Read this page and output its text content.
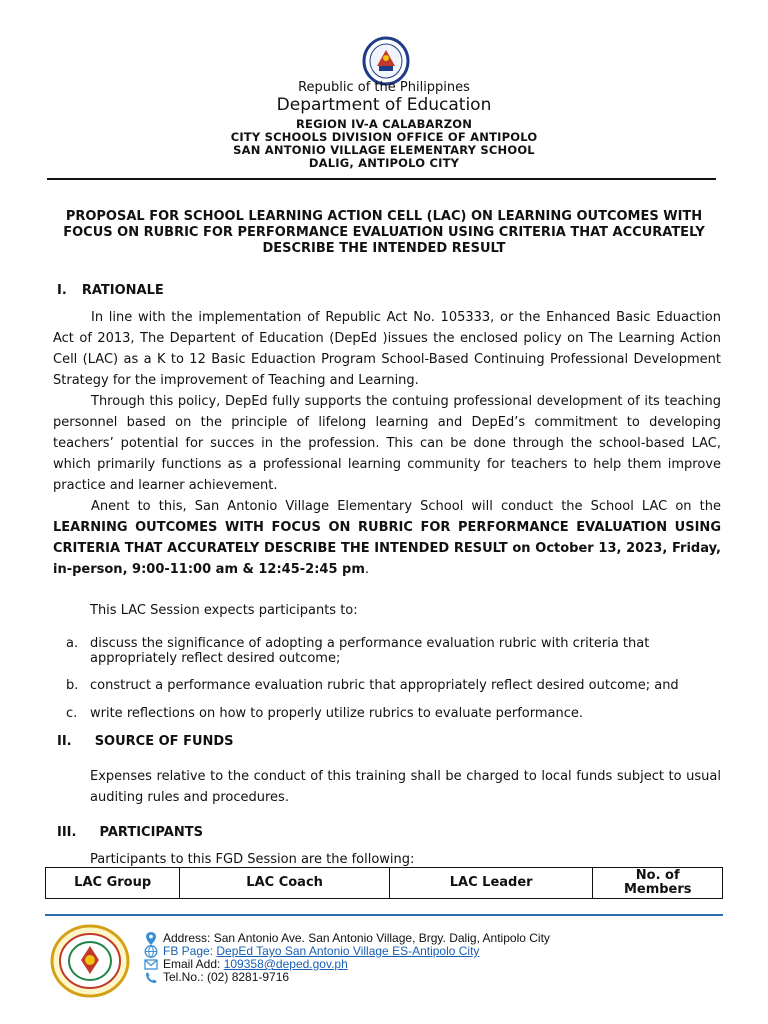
Republic of the Philippines
Department of Education
REGION IV-A CALABARZON
CITY SCHOOLS DIVISION OFFICE OF ANTIPOLO
SAN ANTONIO VILLAGE ELEMENTARY SCHOOL
DALIG, ANTIPOLO CITY
PROPOSAL FOR SCHOOL LEARNING ACTION CELL (LAC) ON LEARNING OUTCOMES WITH FOCUS ON RUBRIC FOR PERFORMANCE EVALUATION USING CRITERIA THAT ACCURATELY DESCRIBE THE INTENDED RESULT
I. RATIONALE
In line with the implementation of Republic Act No. 105333, or the Enhanced Basic Eduaction Act of 2013, The Departent of Education (DepEd )issues the enclosed policy on The Learning Action Cell (LAC) as a K to 12 Basic Eduaction Program School-Based Continuing Professional Development Strategy for the improvement of Teaching and Learning.
Through this policy, DepEd fully supports the contuing professional development of its teaching personnel based on the principle of lifelong learning and DepEd’s commitment to developing teachers’ potential for succes in the profession. This can be done through the school-based LAC, which primarily functions as a professional learning community for teachers to help them improve practice and learner achievement.
Anent to this, San Antonio Village Elementary School will conduct the School LAC on the LEARNING OUTCOMES WITH FOCUS ON RUBRIC FOR PERFORMANCE EVALUATION USING CRITERIA THAT ACCURATELY DESCRIBE THE INTENDED RESULT on October 13, 2023, Friday, in-person, 9:00-11:00 am & 12:45-2:45 pm.
This LAC Session expects participants to:
a. discuss the significance of adopting a performance evaluation rubric with criteria that appropriately reflect desired outcome;
b. construct a performance evaluation rubric that appropriately reflect desired outcome; and
c. write reflections on how to properly utilize rubrics to evaluate performance.
II. SOURCE OF FUNDS
Expenses relative to the conduct of this training shall be charged to local funds subject to usual auditing rules and procedures.
III. PARTICIPANTS
Participants to this FGD Session are the following:
LAC Group	LAC Coach	LAC Leader	No. of Members
Address: San Antonio Ave. San Antonio Village, Brgy. Dalig, Antipolo City
FB Page: DepEd Tayo San Antonio Village ES-Antipolo City
Email Add: 109358@deped.gov.ph
Tel.No.: (02) 8281-9716
